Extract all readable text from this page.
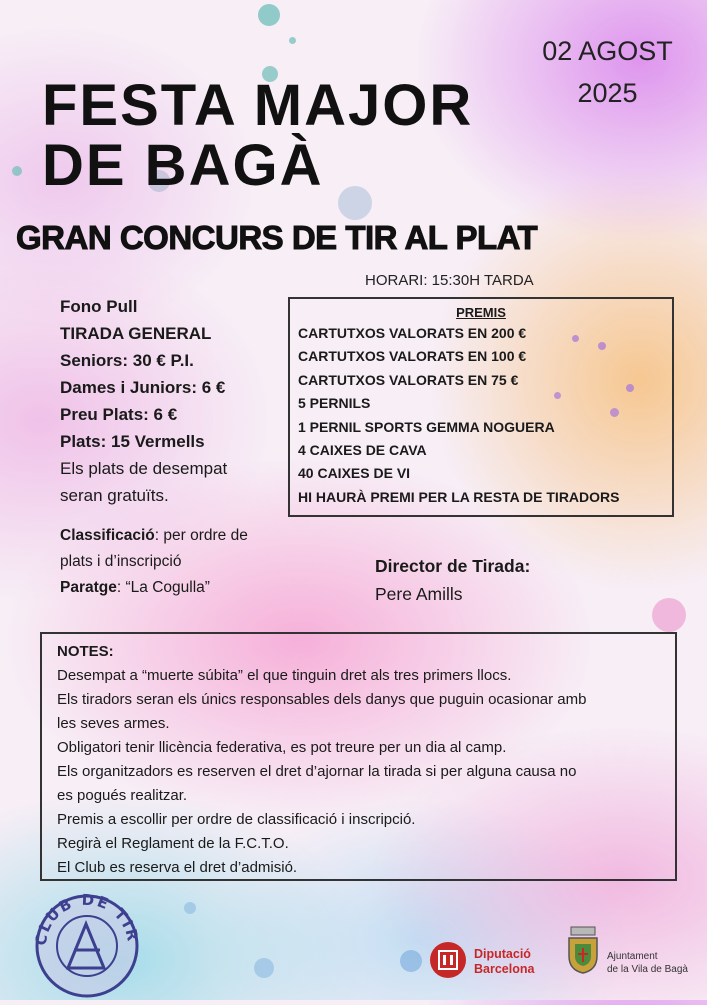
02 AGOST
2025
FESTA MAJOR
DE BAGÀ
GRAN CONCURS DE TIR AL PLAT
HORARI: 15:30H TARDA
Fono Pull
TIRADA GENERAL
Seniors: 30 € P.I.
Dames i Juniors: 6 €
Preu Plats: 6 €
Plats: 15 Vermells
Els plats de desempat
seran gratuïts.
PREMIS
CARTUTXOS VALORATS EN 200 €
CARTUTXOS VALORATS EN 100 €
CARTUTXOS VALORATS EN 75 €
5 PERNILS
1 PERNIL SPORTS GEMMA NOGUERA
4 CAIXES DE CAVA
40 CAIXES DE VI
HI HAURÀ PREMI PER LA RESTA DE TIRADORS
Classificació: per ordre de
plats i d’inscripció
Paratge: “La Cogulla”
Director de Tirada:
Pere Amills
NOTES:
Desempat a “muerte súbita” el que tinguin dret als tres primers llocs.
Els tiradors seran els únics responsables dels danys que puguin ocasionar amb
les seves armes.
Obligatori tenir llicència federativa, es pot treure per un dia al camp.
Els organitzadors es reserven el dret d’ajornar la tirada si per alguna causa no
es pogués realitzar.
Premis a escollir per ordre de classificació i inscripció.
Regirà el Reglament de la F.C.T.O.
El Club es reserva el dret d’admisió.
CLUB DE TIR
Diputació
Barcelona
Ajuntament
de la Vila de Bagà
